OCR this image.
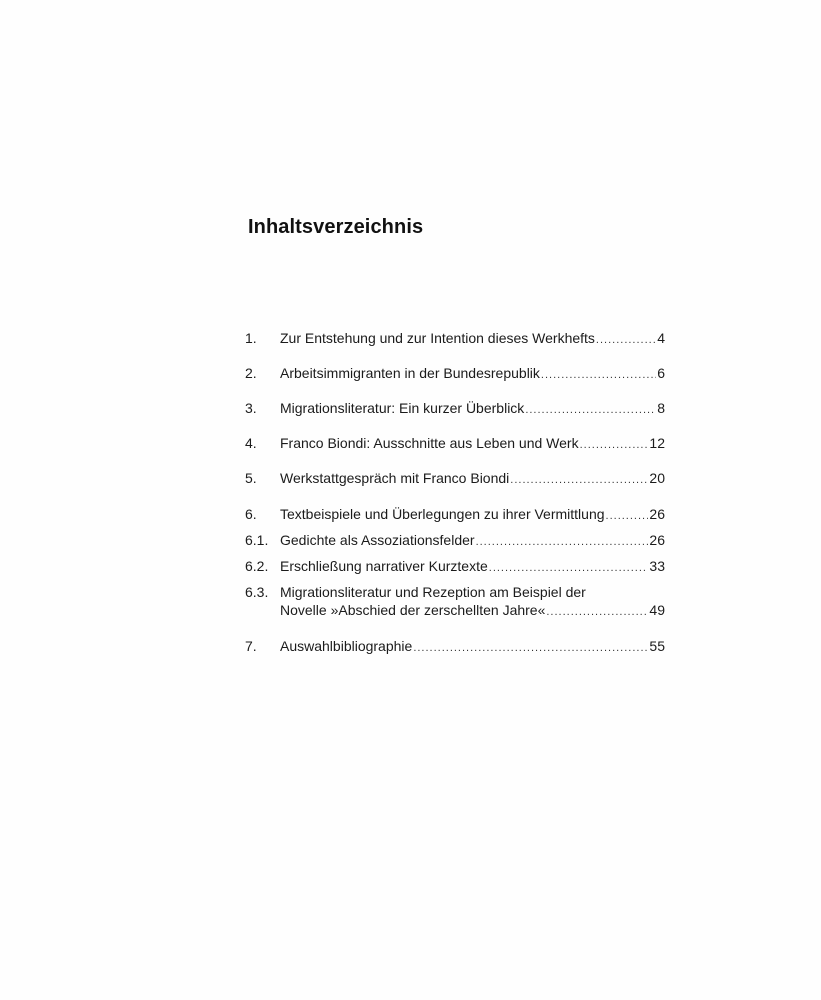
Inhaltsverzeichnis
1.	Zur Entstehung und zur Intention dieses Werkhefts .....	4
2.	Arbeitsimmigranten in der Bundesrepublik .....	6
3.	Migrationsliteratur: Ein kurzer Überblick .....	8
4.	Franco Biondi: Ausschnitte aus Leben und Werk .....	12
5.	Werkstattgespräch mit Franco Biondi .....	20
6.	Textbeispiele und Überlegungen zu ihrer Vermittlung .....	26
6.1. Gedichte als Assoziationsfelder .....	26
6.2. Erschließung narrativer Kurztexte .....	33
6.3. Migrationsliteratur und Rezeption am Beispiel der
Novelle »Abschied der zerschellten Jahre« .....	49
7.	Auswahlbibliographie .....	55
